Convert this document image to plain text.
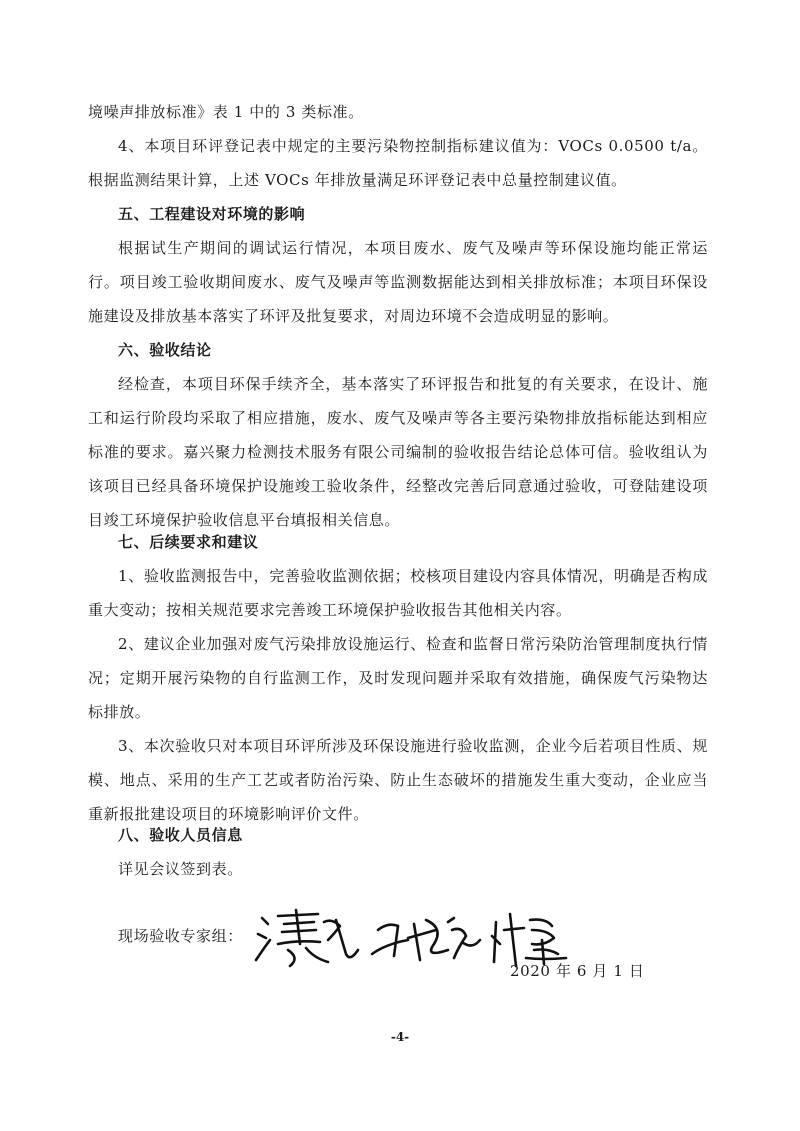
境噪声排放标准》表 1 中的 3 类标准。

4、本项目环评登记表中规定的主要污染物控制指标建议值为：VOCs 0.0500 t/a。根据监测结果计算，上述 VOCs 年排放量满足环评登记表中总量控制建议值。

五、工程建设对环境的影响

根据试生产期间的调试运行情况，本项目废水、废气及噪声等环保设施均能正常运行。项目竣工验收期间废水、废气及噪声等监测数据能达到相关排放标准；本项目环保设施建设及排放基本落实了环评及批复要求，对周边环境不会造成明显的影响。

六、验收结论

经检查，本项目环保手续齐全，基本落实了环评报告和批复的有关要求，在设计、施工和运行阶段均采取了相应措施，废水、废气及噪声等各主要污染物排放指标能达到相应标准的要求。嘉兴聚力检测技术服务有限公司编制的验收报告结论总体可信。验收组认为该项目已经具备环境保护设施竣工验收条件，经整改完善后同意通过验收，可登陆建设项目竣工环境保护验收信息平台填报相关信息。

七、后续要求和建议

1、验收监测报告中，完善验收监测依据；校核项目建设内容具体情况，明确是否构成重大变动；按相关规范要求完善竣工环境保护验收报告其他相关内容。

2、建议企业加强对废气污染排放设施运行、检查和监督日常污染防治管理制度执行情况；定期开展污染物的自行监测工作，及时发现问题并采取有效措施，确保废气污染物达标排放。

3、本次验收只对本项目环评所涉及环保设施进行验收监测，企业今后若项目性质、规模、地点、采用的生产工艺或者防治污染、防止生态破坏的措施发生重大变动，企业应当重新报批建设项目的环境影响评价文件。

八、验收人员信息

详见会议签到表。

现场验收专家组：
2020 年 6 月 1 日
-4-
